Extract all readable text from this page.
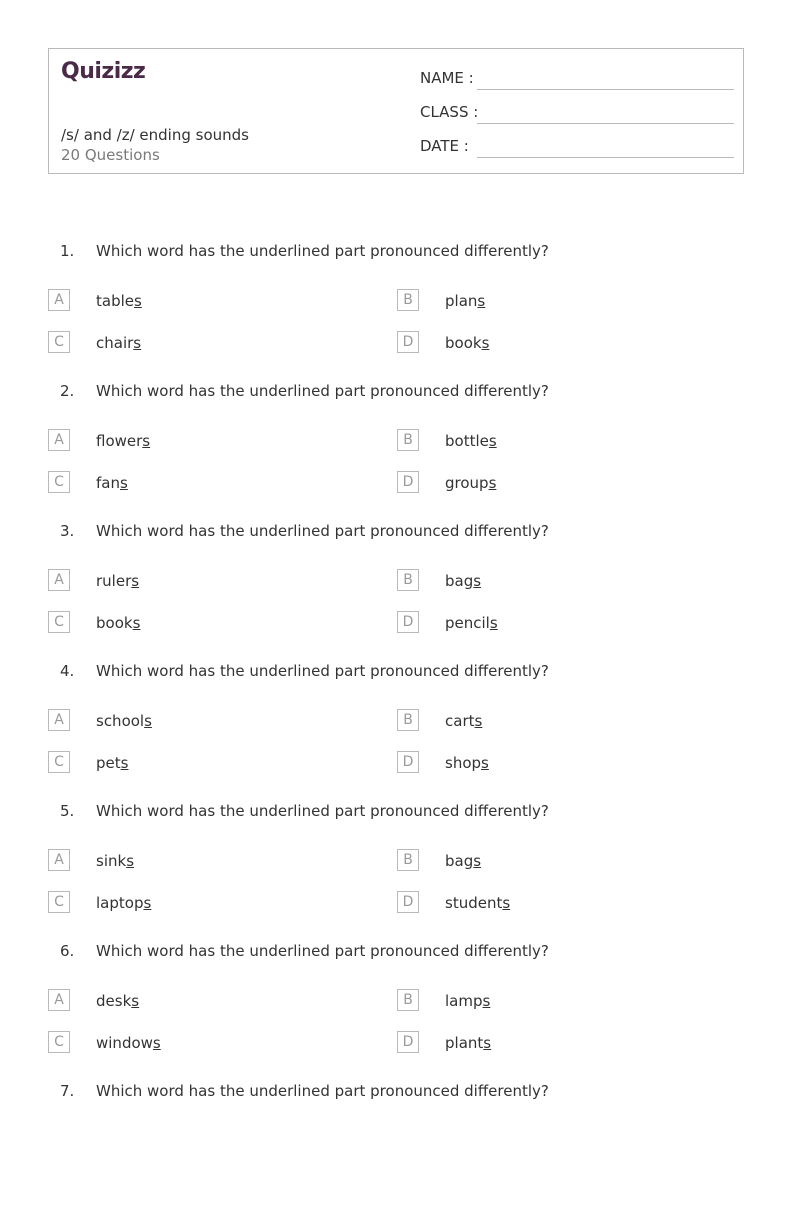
Quizizz
/s/ and /z/ ending sounds
20 Questions
NAME :
CLASS :
DATE :
1. Which word has the underlined part pronounced differently?
A	tables	B	plans
C	chairs	D	books
2. Which word has the underlined part pronounced differently?
A	flowers	B	bottles
C	fans	D	groups
3. Which word has the underlined part pronounced differently?
A	rulers	B	bags
C	books	D	pencils
4. Which word has the underlined part pronounced differently?
A	schools	B	carts
C	pets	D	shops
5. Which word has the underlined part pronounced differently?
A	sinks	B	bags
C	laptops	D	students
6. Which word has the underlined part pronounced differently?
A	desks	B	lamps
C	windows	D	plants
7. Which word has the underlined part pronounced differently?
